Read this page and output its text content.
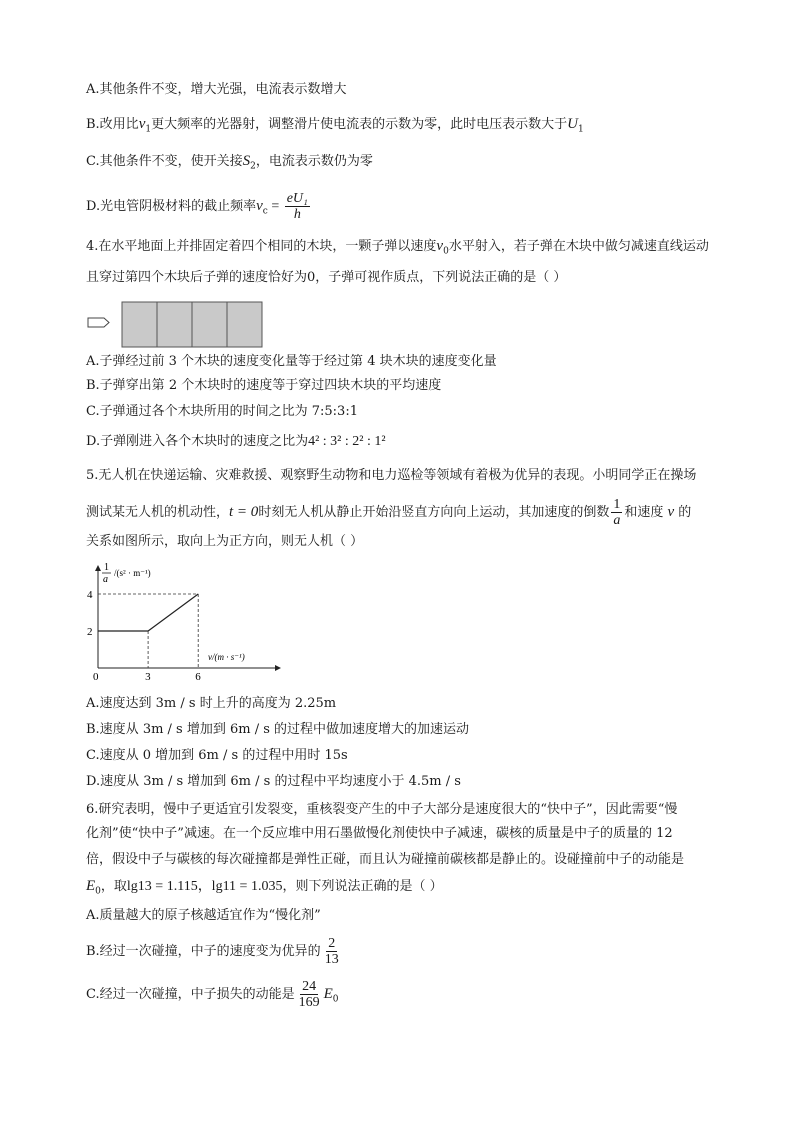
A.其他条件不变，增大光强，电流表示数增大
B.改用比$v_1$更大频率的光器射，调整滑片使电流表的示数为零，此时电压表示数大于$U_1$
C.其他条件不变，使开关接$S_2$，电流表示数仍为零
D.光电管阴极材料的截止频率$v_c = \frac{\text{eU₁}}{h}$
4.在水平地面上并排固定着四个相同的木块，一颗子弹以速度$v_0$水平射入，若子弹在木块中做匀减速直线运动
且穿过第四个木块后子弹的速度恰好为0，子弹可视作质点，下列说法正确的是（ ）
A.子弹经过前 3 个木块的速度变化量等于经过第 4 块木块的速度变化量
B.子弹穿出第 2 个木块时的速度等于穿过四块木块的平均速度
C.子弹通过各个木块所用的时间之比为 7:5:3:1
D.子弹刚进入各个木块时的速度之比为4² : 3² : 2² : 1²
5.无人机在快递运输、灾难救援、观察野生动物和电力巡检等领域有着极为优异的表现。小明同学正在操场
测试某无人机的机动性，t = 0时刻无人机从静止开始沿竖直方向向上运动，其加速度的倒数 $\frac{1}{a}$ 和速度 v 的
关系如图所示，取向上为正方向，则无人机（ ）
1
a
/(s² · m⁻¹)
v/(m · s⁻¹)
0
2
4
3	6
A.速度达到 3m / s 时上升的高度为 2.25m
B.速度从 3m / s 增加到 6m / s 的过程中做加速度增大的加速运动
C.速度从 0 增加到 6m / s 的过程中用时 15s
D.速度从 3m / s 增加到 6m / s 的过程中平均速度小于 4.5m / s
6.研究表明，慢中子更适宜引发裂变，重核裂变产生的中子大部分是速度很大的“快中子”，因此需要“慢
化剂”使“快中子”减速。在一个反应堆中用石墨做慢化剂使快中子减速，碳核的质量是中子的质量的 12
倍，假设中子与碳核的每次碰撞都是弹性正碰，而且认为碰撞前碳核都是静止的。设碰撞前中子的动能是
$E_0$，取lg13 = 1.115，lg11 = 1.035，则下列说法正确的是（ ）
A.质量越大的原子核越适宜作为“慢化剂”
B.经过一次碰撞，中子的速度变为优异的 $\frac{2}{13}$
C.经过一次碰撞，中子损失的动能是 $\frac{24}{169} E_0$
